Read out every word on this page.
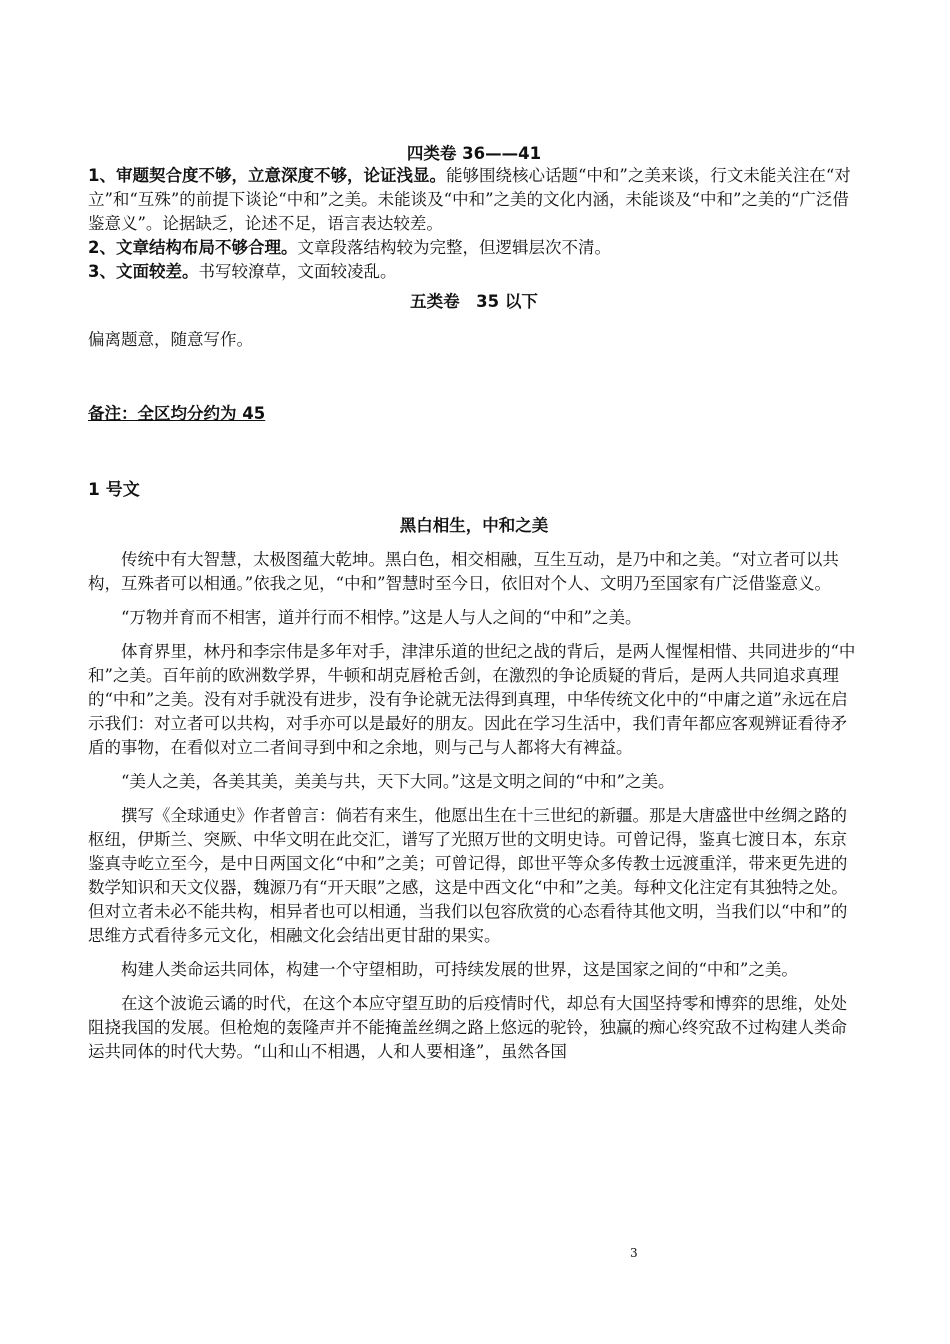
四类卷 36——41
1、审题契合度不够，立意深度不够，论证浅显。能够围绕核心话题“中和”之美来谈，行文未能关注在“对立”和“互殊”的前提下谈论“中和”之美。未能谈及“中和”之美的文化内涵，未能谈及“中和”之美的“广泛借鉴意义”。论据缺乏，论述不足，语言表达较差。
2、文章结构布局不够合理。文章段落结构较为完整，但逻辑层次不清。
3、文面较差。书写较潦草，文面较凌乱。
五类卷　35 以下
偏离题意，随意写作。
备注：全区均分约为 45
1 号文
黑白相生，中和之美
传统中有大智慧，太极图蕴大乾坤。黑白色，相交相融，互生互动，是乃中和之美。“对立者可以共构，互殊者可以相通。”依我之见，“中和”智慧时至今日，依旧对个人、文明乃至国家有广泛借鉴意义。
“万物并育而不相害，道并行而不相悖。”这是人与人之间的“中和”之美。
体育界里，林丹和李宗伟是多年对手，津津乐道的世纪之战的背后，是两人惺惺相惜、共同进步的“中和”之美。百年前的欧洲数学界，牛顿和胡克唇枪舌剑，在激烈的争论质疑的背后，是两人共同追求真理的“中和”之美。没有对手就没有进步，没有争论就无法得到真理，中华传统文化中的“中庸之道”永远在启示我们：对立者可以共构，对手亦可以是最好的朋友。因此在学习生活中，我们青年都应客观辨证看待矛盾的事物，在看似对立二者间寻到中和之余地，则与己与人都将大有裨益。
“美人之美，各美其美，美美与共，天下大同。”这是文明之间的“中和”之美。
撰写《全球通史》作者曾言：倘若有来生，他愿出生在十三世纪的新疆。那是大唐盛世中丝绸之路的枢纽，伊斯兰、突厥、中华文明在此交汇，谱写了光照万世的文明史诗。可曾记得，鉴真七渡日本，东京鉴真寺屹立至今，是中日两国文化“中和”之美；可曾记得，郎世平等众多传教士远渡重洋，带来更先进的数学知识和天文仪器，魏源乃有“开天眼”之感，这是中西文化“中和”之美。每种文化注定有其独特之处。但对立者未必不能共构，相异者也可以相通，当我们以包容欣赏的心态看待其他文明，当我们以“中和”的思维方式看待多元文化，相融文化会结出更甘甜的果实。
构建人类命运共同体，构建一个守望相助，可持续发展的世界，这是国家之间的“中和”之美。
在这个波诡云谲的时代，在这个本应守望互助的后疫情时代，却总有大国坚持零和博弈的思维，处处阻挠我国的发展。但枪炮的轰隆声并不能掩盖丝绸之路上悠远的驼铃，独赢的痴心终究敌不过构建人类命运共同体的时代大势。“山和山不相遇，人和人要相逢”，虽然各国
3
